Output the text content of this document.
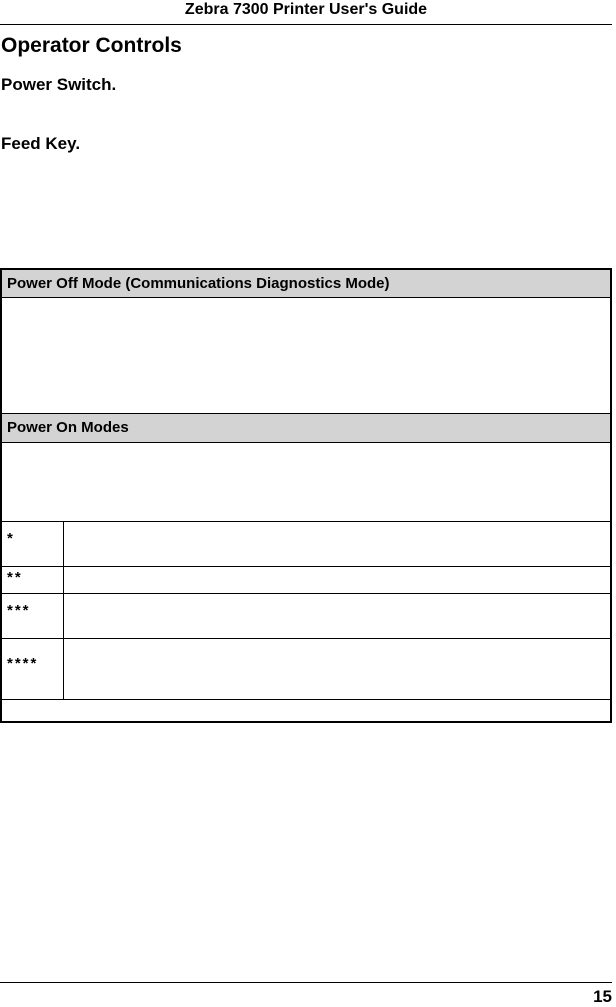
Zebra 7300 Printer User's Guide
Operator Controls
Power Switch.
Feed Key.
Power Off Mode (Communications Diagnostics Mode)
Power On Modes
*
**
***
****
15
